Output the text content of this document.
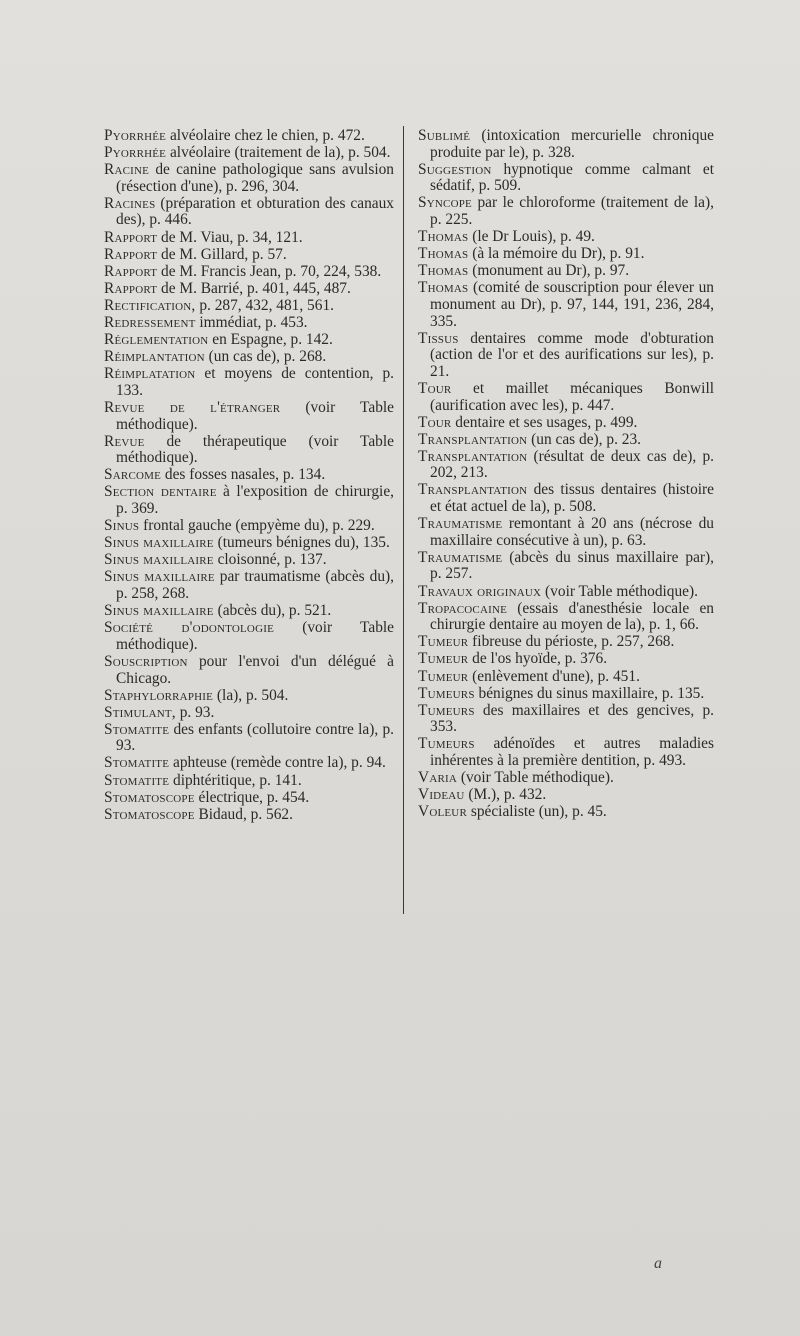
Pyorrhée alvéolaire chez le chien, p. 472.

Pyorrhée alvéolaire (traitement de la), p. 504.

Racine de canine pathologique sans avulsion (résection d'une), p. 296, 304.

Racines (préparation et obturation des canaux des), p. 446.

Rapport de M. Viau, p. 34, 121.

Rapport de M. Gillard, p. 57.

Rapport de M. Francis Jean, p. 70, 224, 538.

Rapport de M. Barrié, p. 401, 445, 487.

Rectification, p. 287, 432, 481, 561.

Redressement immédiat, p. 453.

Réglementation en Espagne, p. 142.

Réimplantation (un cas de), p. 268.

Réimplatation et moyens de contention, p. 133.

Revue de l'étranger (voir Table méthodique).

Revue de thérapeutique (voir Table méthodique).

Sarcome des fosses nasales, p. 134.

Section dentaire à l'exposition de chirurgie, p. 369.

Sinus frontal gauche (empyème du), p. 229.

Sinus maxillaire (tumeurs bénignes du), 135.

Sinus maxillaire cloisonné, p. 137.

Sinus maxillaire par traumatisme (abcès du), p. 258, 268.

Sinus maxillaire (abcès du), p. 521.

Société d'odontologie (voir Table méthodique).

Souscription pour l'envoi d'un délégué à Chicago.

Staphylorraphie (la), p. 504.

Stimulant, p. 93.

Stomatite des enfants (collutoire contre la), p. 93.

Stomatite aphteuse (remède contre la), p. 94.

Stomatite diphtéritique, p. 141.

Stomatoscope électrique, p. 454.

Stomatoscope Bidaud, p. 562.

Sublimé (intoxication mercurielle chronique produite par le), p. 328.

Suggestion hypnotique comme calmant et sédatif, p. 509.

Syncope par le chloroforme (traitement de la), p. 225.

Thomas (le Dr Louis), p. 49.

Thomas (à la mémoire du Dr), p. 91.

Thomas (monument au Dr), p. 97.

Thomas (comité de souscription pour élever un monument au Dr), p. 97, 144, 191, 236, 284, 335.

Tissus dentaires comme mode d'obturation (action de l'or et des aurifications sur les), p. 21.

Tour et maillet mécaniques Bonwill (aurification avec les), p. 447.

Tour dentaire et ses usages, p. 499.

Transplantation (un cas de), p. 23.

Transplantation (résultat de deux cas de), p. 202, 213.

Transplantation des tissus dentaires (histoire et état actuel de la), p. 508.

Traumatisme remontant à 20 ans (nécrose du maxillaire consécutive à un), p. 63.

Traumatisme (abcès du sinus maxillaire par), p. 257.

Travaux originaux (voir Table méthodique).

Tropacocaine (essais d'anesthésie locale en chirurgie dentaire au moyen de la), p. 1, 66.

Tumeur fibreuse du périoste, p. 257, 268.

Tumeur de l'os hyoïde, p. 376.

Tumeur (enlèvement d'une), p. 451.

Tumeurs bénignes du sinus maxillaire, p. 135.

Tumeurs des maxillaires et des gencives, p. 353.

Tumeurs adénoïdes et autres maladies inhérentes à la première dentition, p. 493.

Varia (voir Table méthodique).

Videau (M.), p. 432.

Voleur spécialiste (un), p. 45.

a
